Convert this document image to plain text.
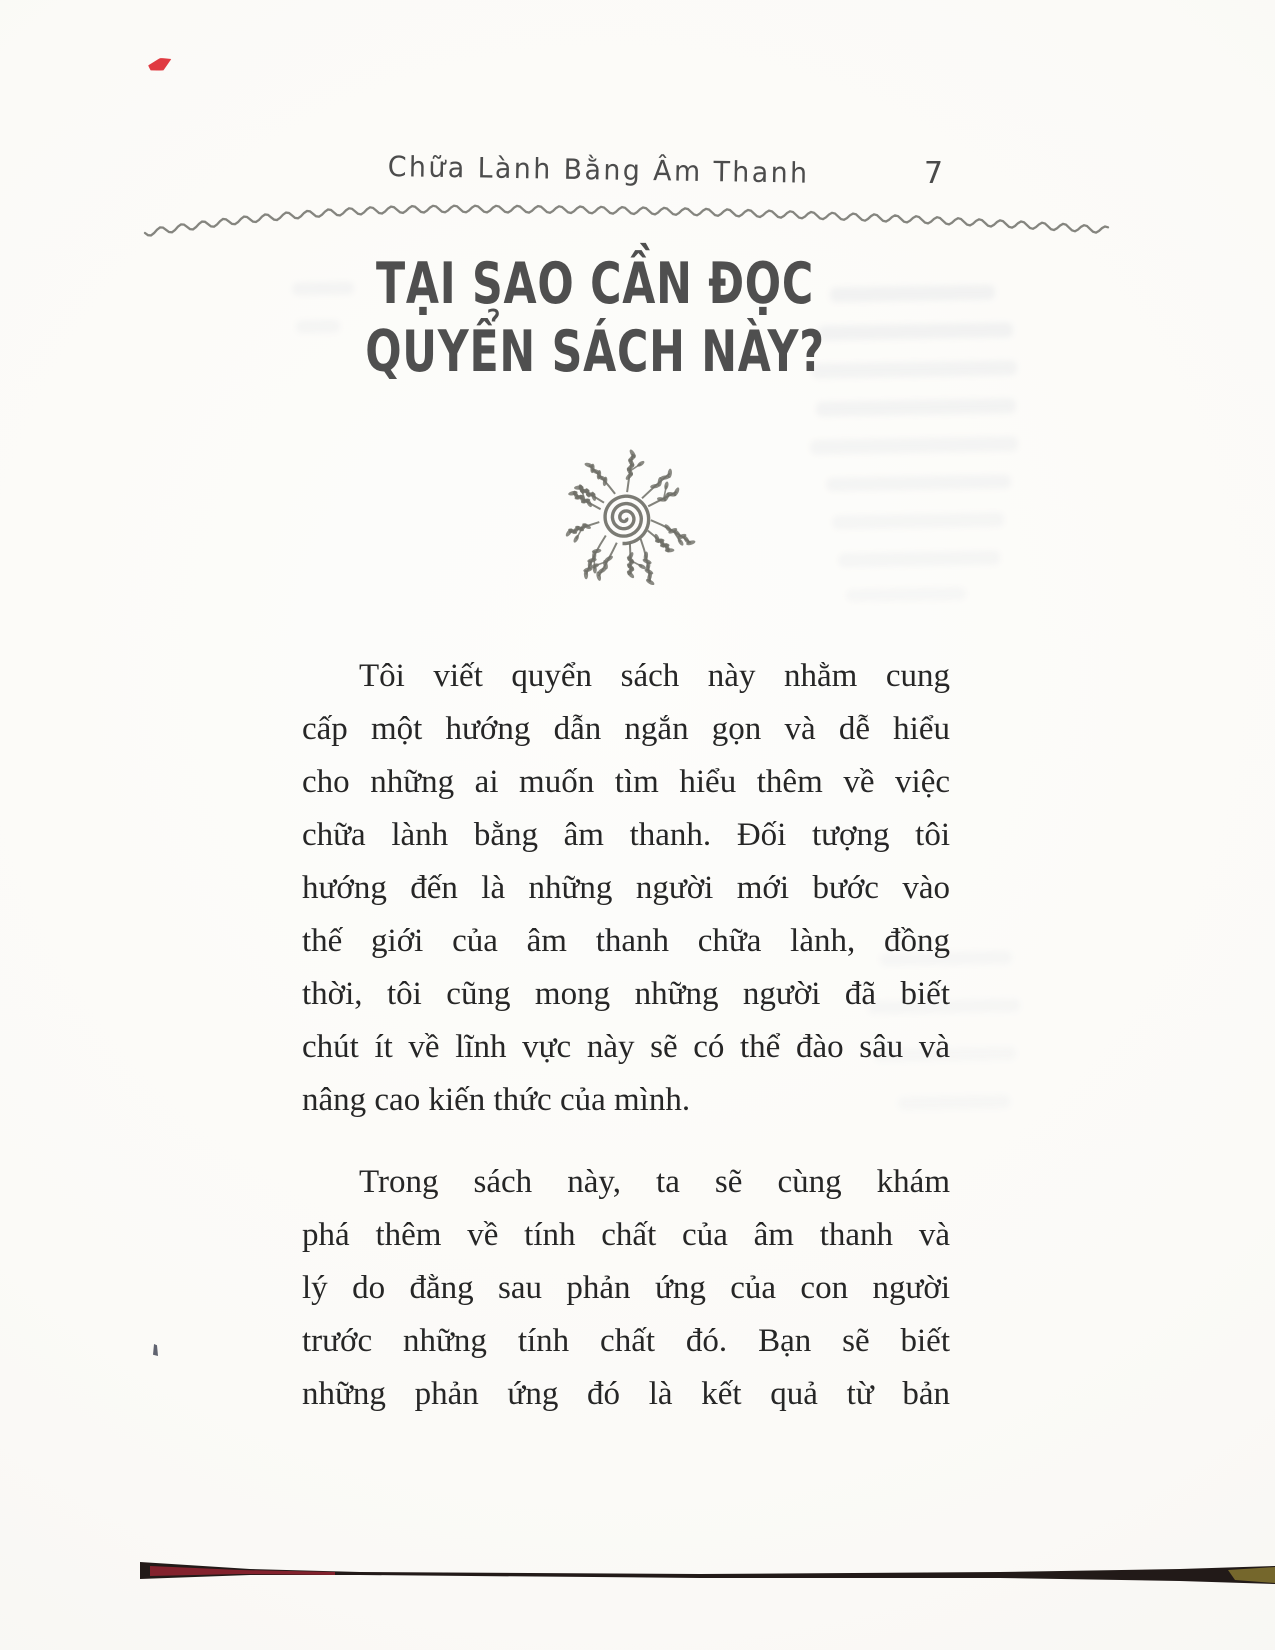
Chữa Lành Bằng Âm Thanh	7
TẠI SAO CẦN ĐỌC
QUYỂN SÁCH NÀY?
Tôi viết quyển sách này nhằm cung
cấp một hướng dẫn ngắn gọn và dễ hiểu
cho những ai muốn tìm hiểu thêm về việc
chữa lành bằng âm thanh. Đối tượng tôi
hướng đến là những người mới bước vào
thế giới của âm thanh chữa lành, đồng
thời, tôi cũng mong những người đã biết
chút ít về lĩnh vực này sẽ có thể đào sâu và
nâng cao kiến thức của mình.
Trong sách này, ta sẽ cùng khám
phá thêm về tính chất của âm thanh và
lý do đằng sau phản ứng của con người
trước những tính chất đó. Bạn sẽ biết
những phản ứng đó là kết quả từ bản
